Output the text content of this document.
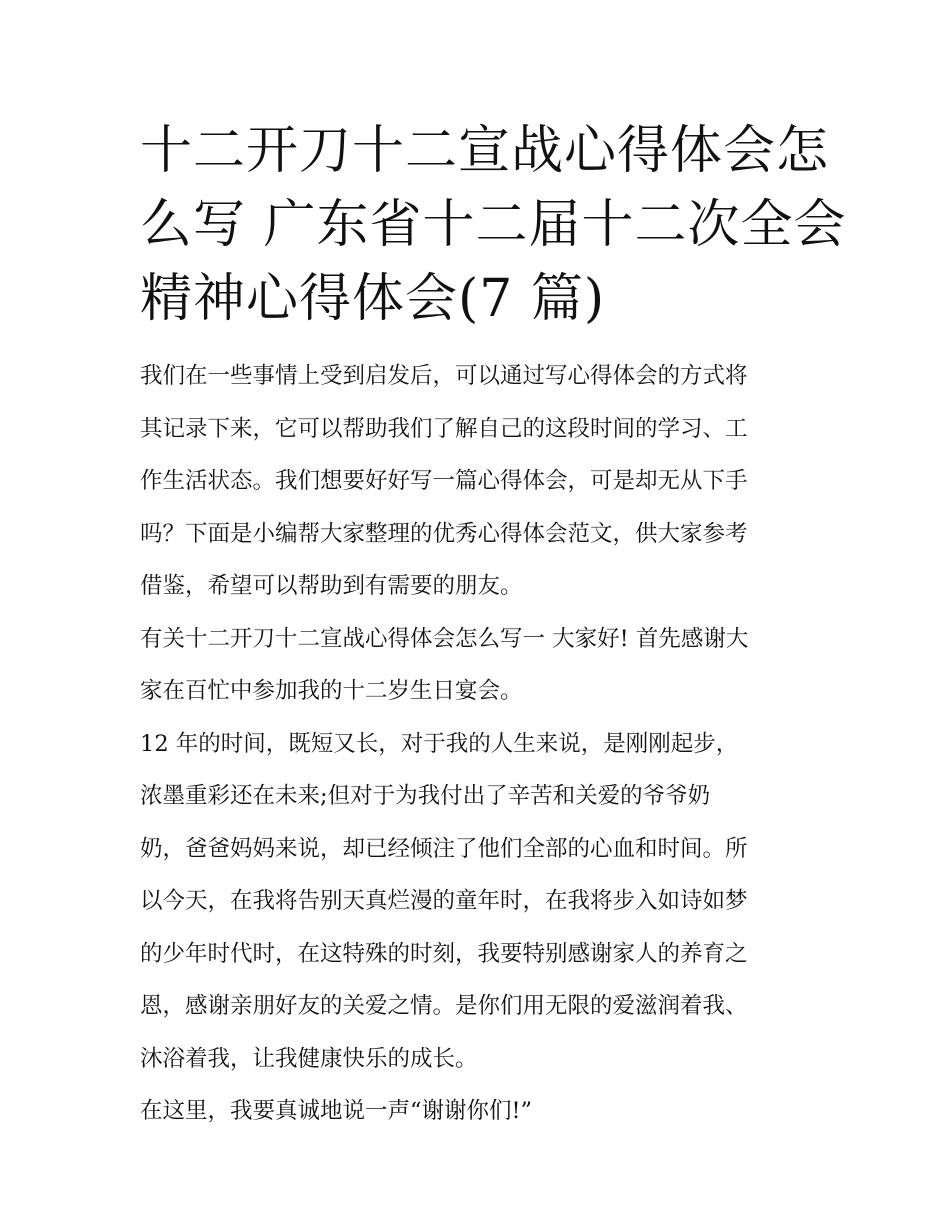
十二开刀十二宣战心得体会怎
么写 广东省十二届十二次全会
精神心得体会(7 篇)

我们在一些事情上受到启发后，可以通过写心得体会的方式将
其记录下来，它可以帮助我们了解自己的这段时间的学习、工
作生活状态。我们想要好好写一篇心得体会，可是却无从下手
吗？下面是小编帮大家整理的优秀心得体会范文，供大家参考
借鉴，希望可以帮助到有需要的朋友。

有关十二开刀十二宣战心得体会怎么写一 大家好! 首先感谢大
家在百忙中参加我的十二岁生日宴会。

12 年的时间，既短又长，对于我的人生来说，是刚刚起步，
浓墨重彩还在未来;但对于为我付出了辛苦和关爱的爷爷奶
奶，爸爸妈妈来说，却已经倾注了他们全部的心血和时间。所
以今天，在我将告别天真烂漫的童年时，在我将步入如诗如梦
的少年时代时，在这特殊的时刻，我要特别感谢家人的养育之
恩，感谢亲朋好友的关爱之情。是你们用无限的爱滋润着我、
沐浴着我，让我健康快乐的成长。

在这里，我要真诚地说一声“谢谢你们!”
